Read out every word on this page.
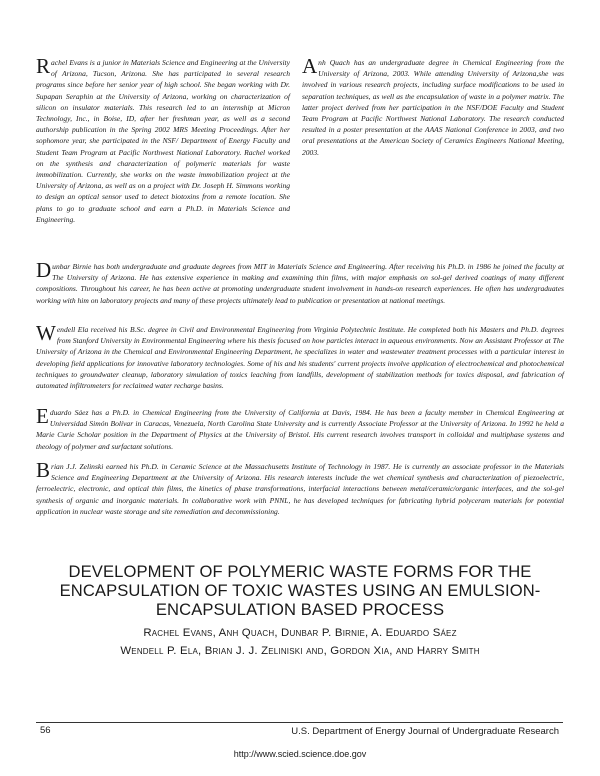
Rachel Evans is a junior in Materials Science and Engineering at the University of Arizona, Tucson, Arizona. She has participated in several research programs since before her senior year of high school. She began working with Dr. Supapan Seraphin at the University of Arizona, working on characterization of silicon on insulator materials. This research led to an internship at Micron Technology, Inc., in Boise, ID, after her freshman year, as well as a second authorship publication in the Spring 2002 MRS Meeting Proceedings. After her sophomore year, she participated in the NSF/ Department of Energy Faculty and Student Team Program at Pacific Northwest National Laboratory. Rachel worked on the synthesis and characterization of polymeric materials for waste immobilization. Currently, she works on the waste immobilization project at the University of Arizona, as well as on a project with Dr. Joseph H. Simmons working to design an optical sensor used to detect biotoxins from a remote location. She plans to go to graduate school and earn a Ph.D. in Materials Science and Engineering.

Anh Quach has an undergraduate degree in Chemical Engineering from the University of Arizona, 2003. While attending University of Arizona,she was involved in various research projects, including surface modifications to be used in separation techniques, as well as the encapsulation of waste in a polymer matrix. The latter project derived from her participation in the NSF/DOE Faculty and Student Team Program at Pacific Northwest National Laboratory. The research conducted resulted in a poster presentation at the AAAS National Conference in 2003, and two oral presentations at the American Society of Ceramics Engineers National Meeting, 2003.

Dunbar Birnie has both undergraduate and graduate degrees from MIT in Materials Science and Engineering. After receiving his Ph.D. in 1986 he joined the faculty at The University of Arizona. He has extensive experience in making and examining thin films, with major emphasis on sol-gel derived coatings of many different compositions. Throughout his career, he has been active at promoting undergraduate student involvement in hands-on research experiences. He often has undergraduates working with him on laboratory projects and many of these projects ultimately lead to publication or presentation at national meetings.

Wendell Ela received his B.Sc. degree in Civil and Environmental Engineering from Virginia Polytechnic Institute. He completed both his Masters and Ph.D. degrees from Stanford University in Environmental Engineering where his thesis focused on how particles interact in aqueous environments. Now an Assistant Professor at The University of Arizona in the Chemical and Environmental Engineering Department, he specializes in water and wastewater treatment processes with a particular interest in developing field applications for innovative laboratory technologies. Some of his and his students' current projects involve application of electrochemical and photochemical techniques to groundwater cleanup, laboratory simulation of toxics leaching from landfills, development of stabilization methods for toxics disposal, and fabrication of automated infiltrometers for reclaimed water recharge basins.

Eduardo Sáez has a Ph.D. in Chemical Engineering from the University of California at Davis, 1984. He has been a faculty member in Chemical Engineering at Universidad Simón Bolívar in Caracas, Venezuela, North Carolina State University and is currently Associate Professor at the University of Arizona. In 1992 he held a Marie Curie Scholar position in the Department of Physics at the University of Bristol. His current research involves transport in colloidal and multiphase systems and theology of polymer and surfactant solutions.

Brian J.J. Zelinski earned his Ph.D. in Ceramic Science at the Massachusetts Institute of Technology in 1987. He is currently an associate professor in the Materials Science and Engineering Department at the University of Arizona. His research interests include the wet chemical synthesis and characterization of piezoelectric, ferroelectric, electronic, and optical thin films, the kinetics of phase transformations, interfacial interactions between metal/ceramic/organic interfaces, and the sol-gel synthesis of organic and inorganic materials. In collaborative work with PNNL, he has developed techniques for fabricating hybrid polyceram materials for potential application in nuclear waste storage and site remediation and decommissioning.

DEVELOPMENT OF POLYMERIC WASTE FORMS FOR THE ENCAPSULATION OF TOXIC WASTES USING AN EMULSION-ENCAPSULATION BASED PROCESS

Rachel Evans, Anh Quach, Dunbar P. Birnie, A. Eduardo Sáez

Wendell P. Ela, Brian J. J. Zeliniski and, Gordon Xia, and Harry Smith

56	U.S. Department of Energy Journal of Undergraduate Research
http://www.scied.science.doe.gov
